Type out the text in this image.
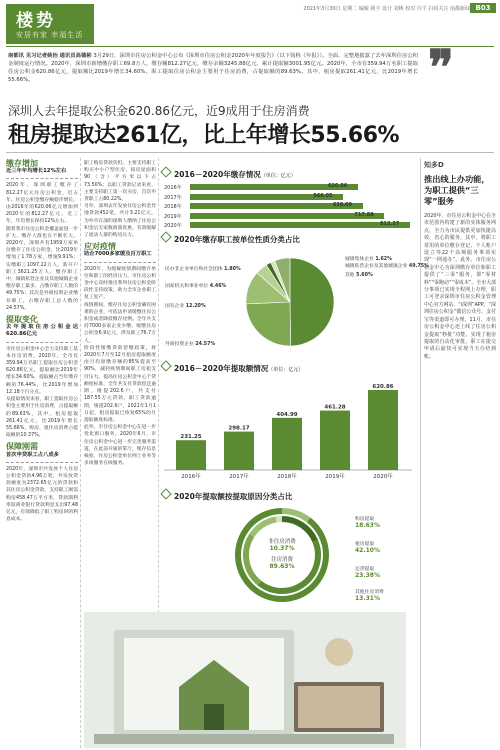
楼势
安居有家 幸福生活
2021年3月30日 星期二 编辑 姚宇 设计 刘梅 校对 许平 扫码关注 南都新闻 B03
南都讯 见习记者姚怡 通讯员高德彬 3月29日，深圳市住房公积金中心公布《深圳市住房公积金2020年年度报告》（以下简称《年报》）。全面、完整地披露了去年深圳住房公积金制度运行情况。2020年，深圳市新增缴存职工69.8万人，缴存额812.27亿元，缴存余额3245.88亿元，累计提取额3001.95亿元。2020年，全市有359.94万名职工提取住房公积金620.86亿元，提取额比2019年增长34.60%。职工提取住房公积金主要用于住房消费，占提取额的89.63%。其中，租房提取261.41亿元，比2019年增长55.66%。	❞
深圳人去年提取公积金620.86亿元，近9成用于住房消费
租房提取达261亿，比上年增长55.66%
缴存增加
近三年年均增长12%左右

2020年，深圳职工缴存了812.27亿元住房公积金，近五年，住房公积金缴存额稳步增长，由2016年的620.06亿元增加到2020年的812.27亿元，近三年，年均增长保持12%左右。

随着我市住房公积金覆盖面进一步扩大，缴存人群也在不断壮大。2020年，深圳共有1959万家单位缴存了住房公积金，比2019年增加了1.78万家，增速9.91%；实缴职工1097.22万人，新开户职工3621.25万人，缴存职工中，城镇私营企业及其他城镇企业缴存职工最多，占缴存职工人数的49.75%；其次是外商投资企业缴存职工，占缴存职工总人数的24.57%。

提取变化
去年提取住房公积金达620.86亿元

市住房公积金中心全力支持职工基本住房消费，2020年，全市有359.94万名职工提取住房公积金620.86亿元，提取额比2019年增长34.60%，提取额占当年缴存额的76.44%，比2019年增加12.18个百分点。

从提取情况来看，职工提取住房公积金主要用于住房消费，占提取额的89.63%，其中，租房提取261.41亿元，比2019年增长55.66%，购房、租住房消费占提取额的10.37%。

保障刚需
首次申贷职工占八成多

2020年，深圳市共发放个人住房公积金贷款4.96万笔，共发放贷款额度为2372.65亿元的贷款和其住房公积金贷款，支持职工刚需购房458.47万平方米，贷款期利率较商业银行贷款利息支出97.48亿元，有效降低了职工购房时的利息成本。

职工购房贷款负担。主要支持职工购买中小户型住房，按房屋面积90（含）平方米以下占73.50%；以职工贷款记录来看，主要支持职工第一次买房，首次申贷职工占80.22%。

另外，深圳去年发放住房公积金异地贷款452笔，共计3.21亿元，为外市在深的深圳人缴纳了住房公积金后无家数政策优惠，有效缓解了流动人群的购房压力。

应对疫情
助企7000多家缓及百万职工

2020年，为缓解疫情期间缴存单位和职工的经济压力，市住房公积金中心及时推出系列住房公积金阶段性支持政策，助力全市企业职工复工复产。

疫情期间，缴存住房公积金确有困难的企业，可依法申请缓缴住房公积金或者降低缴存比例。全年共支持7000多家企业少缴、缓缴住房公积金6.9亿元，涉及职工76.7万人。

阶段性缓缴贷款偿缴政策，将2020年7月至12月租房提取额度由月均原缴存额的85%提高至90%，减轻疫情期间职工房租支付压力。提高住房公积金中心个贷额度标准，全年共支付贷款偿还逾期，缓提202.6户，共支付187.55万元贷款，职工贷款逾期，缓提202.6户，2021年1月1日起，租房提取已恢复65%的月提取额度标准。

此外，市住房公积金中心在进一步优化窗口服务，2020年6月，市住房公积金中心进一步完善服务渠道，在此前开通的掌厅，缓存信息核验、住房公积金单位网上业务等多项服务在线服务。

2016－2020年缴存情况（单位：亿元）
2020年缴存职工按单位性质分类占比
2016－2020年提取额情况（单位：亿元）
231.25
2016年
298.17
2017年
404.99
2018年
461.28
2019年
620.86
2020年
2020年提取额按提取原因分类占比
非住房消费
10.37%
住房消费
89.63%
知多D
推出线上办功能，为职工提供“三零”服务
2020年，市住房公积金中心在全市范围内构建了新的实体服务网点，全力为市民提供更加快捷高效、省心的服务，其中，将职工常用的单位缴存登记、个人账户设立等22个高频服务事项实现“一网通办”。此外，市住房公积金中心为深圳缴存单位和职工提供了“三零”服务，即“零材料”“零跑动”“零成本”。全市大部分事项已实现全程网上办理，职工可登录深圳市住房公积金管理中心官方网站、“i深圳”APP、“深圳住房公积金”微信公众号、支付宝等渠道即可办理。11月，市住房公积金中心还上线了住房公积金提取“秒批”功能，实现了租房提取的自动化审批，职工在提交申请后最快可实现当天办结到账。
2016年	620.06
2017年	566.05
2018年	638.09
2019年	717.88
2020年	812.27
城镇私营企业及其他城镇企业 49.75%
外商投资企业 24.57%
国有企业 12.20%
国家机关和事业单位 4.46%
民办非企业单位和社会团体 1.80%
城镇集体企业 1.62%
其他 5.60%
购房提取
18.63%
租房提取
42.10%
还贷提取
23.38%
其他住房消费
13.31%
